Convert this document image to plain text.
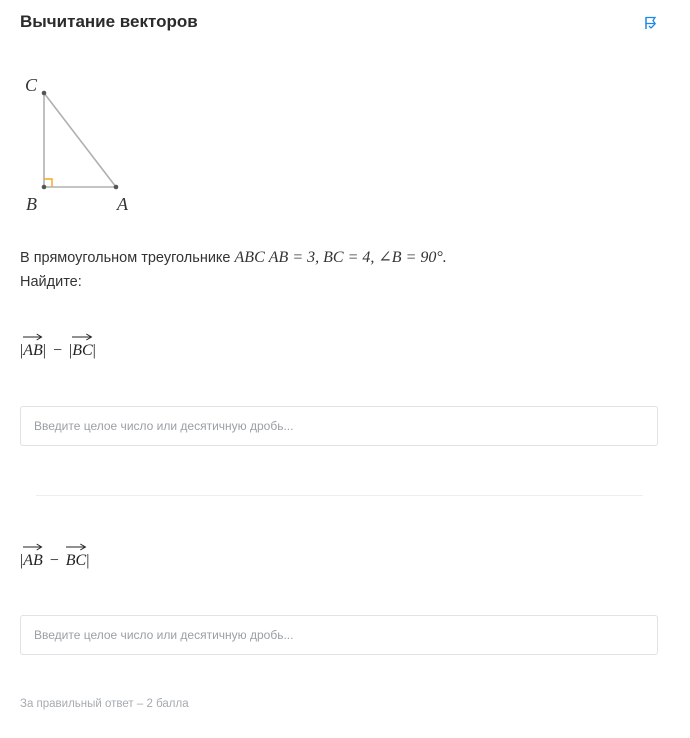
Вычитание векторов
C
B	A
В прямоугольном треугольнике ABC AB = 3, BC = 4, ∠B = 90°.
Найдите:
|
AB| − |
BC|
Введите целое число или десятичную дробь...
|
AB − BC|
Введите целое число или десятичную дробь...
За правильный ответ – 2 балла
